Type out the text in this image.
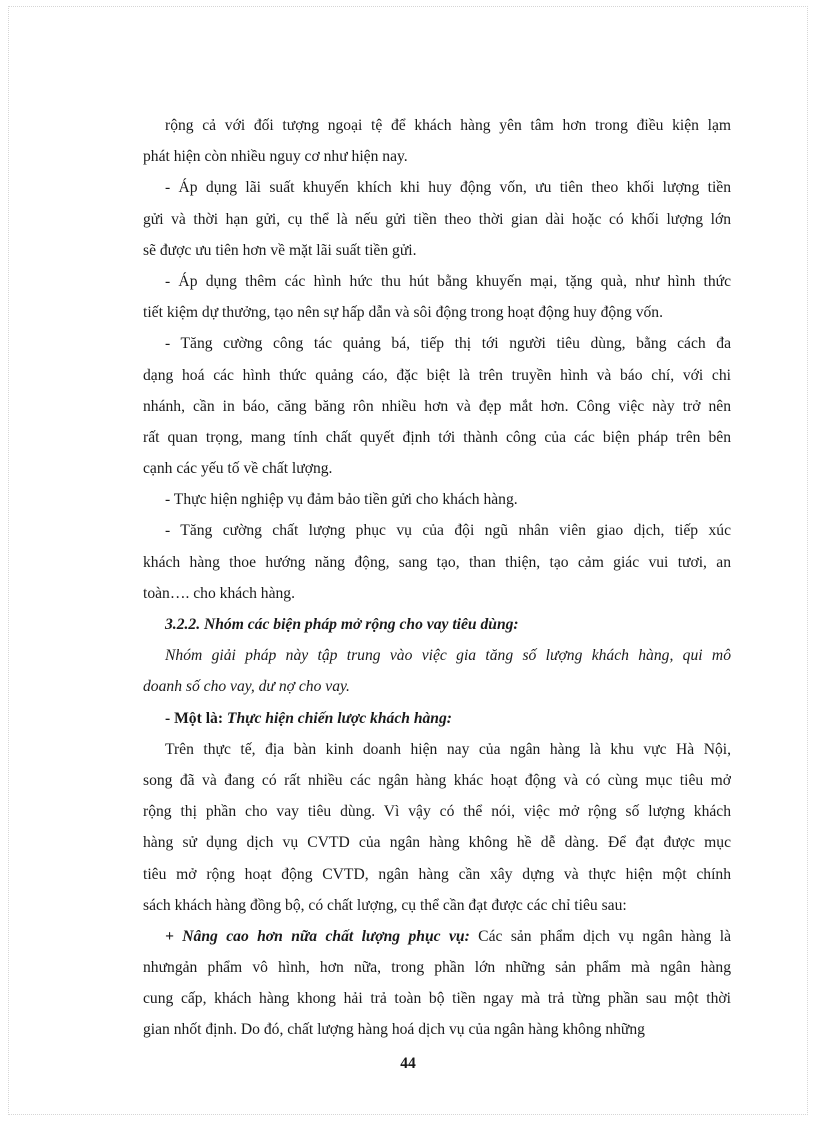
rộng cả với đối tượng ngoại tệ để khách hàng yên tâm hơn trong điều kiện lạm
phát hiện còn nhiều nguy cơ như hiện nay.
- Áp dụng lãi suất khuyến khích khi huy động vốn, ưu tiên theo khối lượng tiền
gửi và thời hạn gửi, cụ thể là nếu gửi tiền theo thời gian dài hoặc có khối lượng lớn
sẽ được ưu tiên hơn về mặt lãi suất tiền gửi.
- Áp dụng thêm các hình hức thu hút bằng khuyến mại, tặng quà, như hình thức
tiết kiệm dự thưởng, tạo nên sự hấp dẫn và sôi động trong hoạt động huy động vốn.
- Tăng cường công tác quảng bá, tiếp thị tới người tiêu dùng, bằng cách đa
dạng hoá các hình thức quảng cáo, đặc biệt là trên truyền hình và báo chí, với chi
nhánh, cần in báo, căng băng rôn nhiều hơn và đẹp mắt hơn. Công việc này trở nên
rất quan trọng, mang tính chất quyết định tới thành công của các biện pháp trên bên
cạnh các yếu tố về chất lượng.
- Thực hiện nghiệp vụ đảm bảo tiền gửi cho khách hàng.
- Tăng cường chất lượng phục vụ của đội ngũ nhân viên giao dịch, tiếp xúc
khách hàng thoe hướng năng động, sang tạo, than thiện, tạo cảm giác vui tươi, an
toàn…. cho khách hàng.
3.2.2. Nhóm các biện pháp mở rộng cho vay tiêu dùng:
Nhóm giải pháp này tập trung vào việc gia tăng số lượng khách hàng, qui mô
doanh số cho vay, dư nợ cho vay.
- Một là: Thực hiện chiến lược khách hàng:
Trên thực tế, địa bàn kinh doanh hiện nay của ngân hàng là khu vực Hà Nội,
song đã và đang có rất nhiều các ngân hàng khác hoạt động và có cùng mục tiêu mở
rộng thị phần cho vay tiêu dùng. Vì vậy có thể nói, việc mở rộng số lượng khách
hàng sử dụng dịch vụ CVTD của ngân hàng không hề dễ dàng. Để đạt được mục
tiêu mở rộng hoạt động CVTD, ngân hàng cần xây dựng và thực hiện một chính
sách khách hàng đồng bộ, có chất lượng, cụ thể cần đạt được các chỉ tiêu sau:
+ Nâng cao hơn nữa chất lượng phục vụ: Các sản phẩm dịch vụ ngân hàng là
nhưngản phẩm vô hình, hơn nữa, trong phần lớn những sản phẩm mà ngân hàng
cung cấp, khách hàng khong hải trả toàn bộ tiền ngay mà trả từng phần sau một thời
gian nhốt định. Do đó, chất lượng hàng hoá dịch vụ của ngân hàng không những
44
